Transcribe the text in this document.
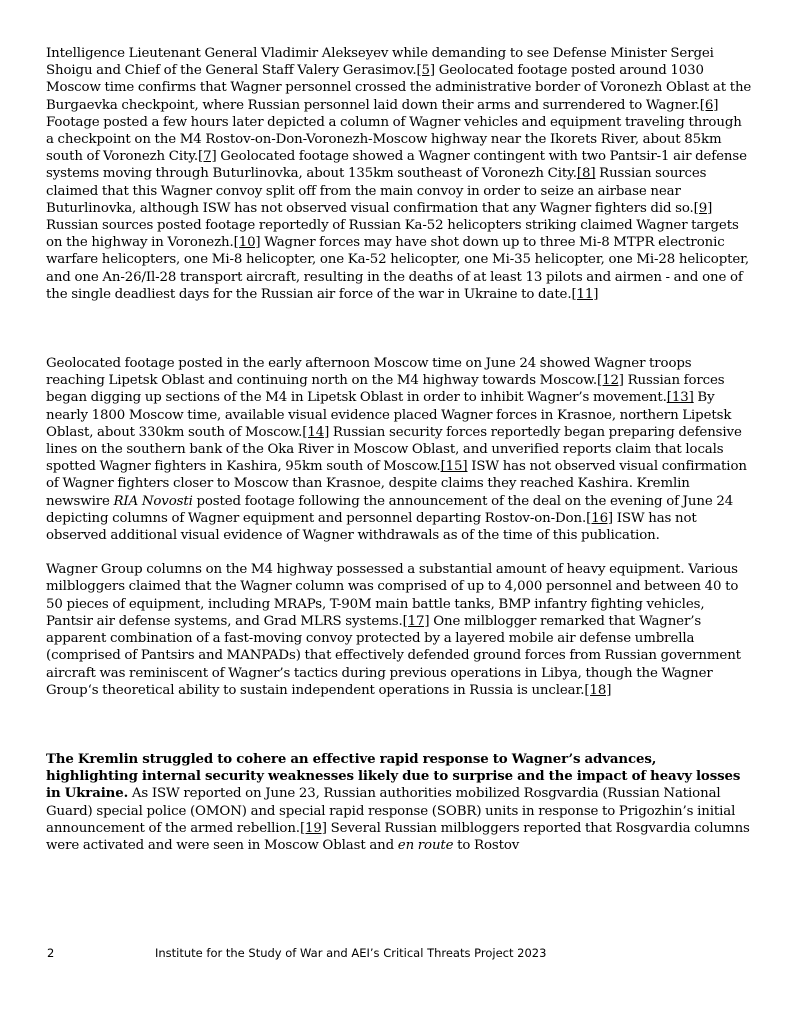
Intelligence Lieutenant General Vladimir Alekseyev while demanding to see Defense Minister Sergei Shoigu and Chief of the General Staff Valery Gerasimov.[5] Geolocated footage posted around 1030 Moscow time confirms that Wagner personnel crossed the administrative border of Voronezh Oblast at the Burgaevka checkpoint, where Russian personnel laid down their arms and surrendered to Wagner.[6] Footage posted a few hours later depicted a column of Wagner vehicles and equipment traveling through a checkpoint on the M4 Rostov-on-Don-Voronezh-Moscow highway near the Ikorets River, about 85km south of Voronezh City.[7] Geolocated footage showed a Wagner contingent with two Pantsir-1 air defense systems moving through Buturlinovka, about 135km southeast of Voronezh City.[8] Russian sources claimed that this Wagner convoy split off from the main convoy in order to seize an airbase near Buturlinovka, although ISW has not observed visual confirmation that any Wagner fighters did so.[9] Russian sources posted footage reportedly of Russian Ka-52 helicopters striking claimed Wagner targets on the highway in Voronezh.[10] Wagner forces may have shot down up to three Mi-8 MTPR electronic warfare helicopters, one Mi-8 helicopter, one Ka-52 helicopter, one Mi-35 helicopter, one Mi-28 helicopter, and one An-26/Il-28 transport aircraft, resulting in the deaths of at least 13 pilots and airmen - and one of the single deadliest days for the Russian air force of the war in Ukraine to date.[11]

Geolocated footage posted in the early afternoon Moscow time on June 24 showed Wagner troops reaching Lipetsk Oblast and continuing north on the M4 highway towards Moscow.[12] Russian forces began digging up sections of the M4 in Lipetsk Oblast in order to inhibit Wagner’s movement.[13] By nearly 1800 Moscow time, available visual evidence placed Wagner forces in Krasnoe, northern Lipetsk Oblast, about 330km south of Moscow.[14] Russian security forces reportedly began preparing defensive lines on the southern bank of the Oka River in Moscow Oblast, and unverified reports claim that locals spotted Wagner fighters in Kashira, 95km south of Moscow.[15] ISW has not observed visual confirmation of Wagner fighters closer to Moscow than Krasnoe, despite claims they reached Kashira. Kremlin newswire RIA Novosti posted footage following the announcement of the deal on the evening of June 24 depicting columns of Wagner equipment and personnel departing Rostov-on-Don.[16] ISW has not observed additional visual evidence of Wagner withdrawals as of the time of this publication.

Wagner Group columns on the M4 highway possessed a substantial amount of heavy equipment. Various milbloggers claimed that the Wagner column was comprised of up to 4,000 personnel and between 40 to 50 pieces of equipment, including MRAPs, T-90M main battle tanks, BMP infantry fighting vehicles, Pantsir air defense systems, and Grad MLRS systems.[17] One milblogger remarked that Wagner’s apparent combination of a fast-moving convoy protected by a layered mobile air defense umbrella (comprised of Pantsirs and MANPADs) that effectively defended ground forces from Russian government aircraft was reminiscent of Wagner’s tactics during previous operations in Libya, though the Wagner Group‘s theoretical ability to sustain independent operations in Russia is unclear.[18]

The Kremlin struggled to cohere an effective rapid response to Wagner’s advances, highlighting internal security weaknesses likely due to surprise and the impact of heavy losses in Ukraine. As ISW reported on June 23, Russian authorities mobilized Rosgvardia (Russian National Guard) special police (OMON) and special rapid response (SOBR) units in response to Prigozhin’s initial announcement of the armed rebellion.[19] Several Russian milbloggers reported that Rosgvardia columns were activated and were seen in Moscow Oblast and en route to Rostov

2	Institute for the Study of War and AEI’s Critical Threats Project 2023
